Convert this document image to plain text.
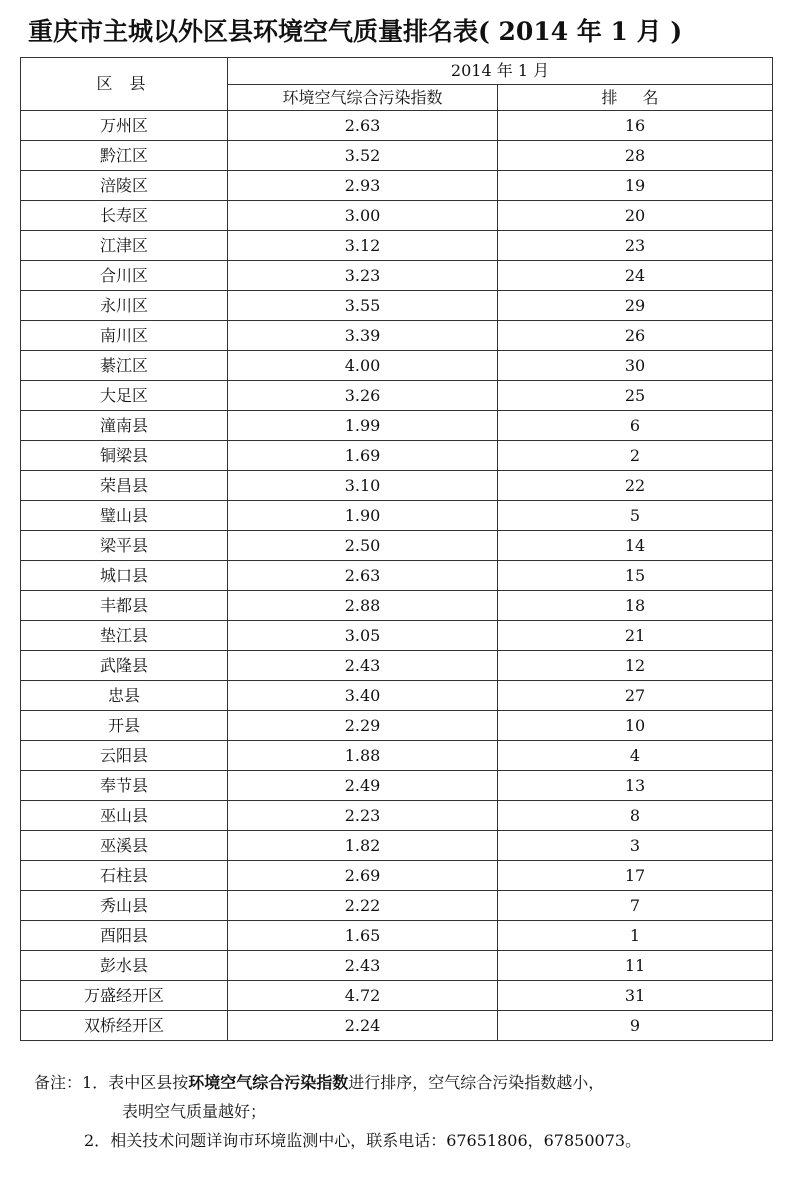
重庆市主城以外区县环境空气质量排名表( 2014 年 1 月 )
区 县	2014 年 1 月	
	环境空气综合污染指数	排 名
万州区	2.63	16
黔江区	3.52	28
涪陵区	2.93	19
长寿区	3.00	20
江津区	3.12	23
合川区	3.23	24
永川区	3.55	29
南川区	3.39	26
綦江区	4.00	30
大足区	3.26	25
潼南县	1.99	6
铜梁县	1.69	2
荣昌县	3.10	22
璧山县	1.90	5
梁平县	2.50	14
城口县	2.63	15
丰都县	2.88	18
垫江县	3.05	21
武隆县	2.43	12
忠县	3.40	27
开县	2.29	10
云阳县	1.88	4
奉节县	2.49	13
巫山县	2.23	8
巫溪县	1.82	3
石柱县	2.69	17
秀山县	2.22	7
酉阳县	1.65	1
彭水县	2.43	11
万盛经开区	4.72	31
双桥经开区	2.24	9
备注：1．表中区县按环境空气综合污染指数进行排序，空气综合污染指数越小，
表明空气质量越好；
2．相关技术问题详询市环境监测中心，联系电话：67651806，67850073。
